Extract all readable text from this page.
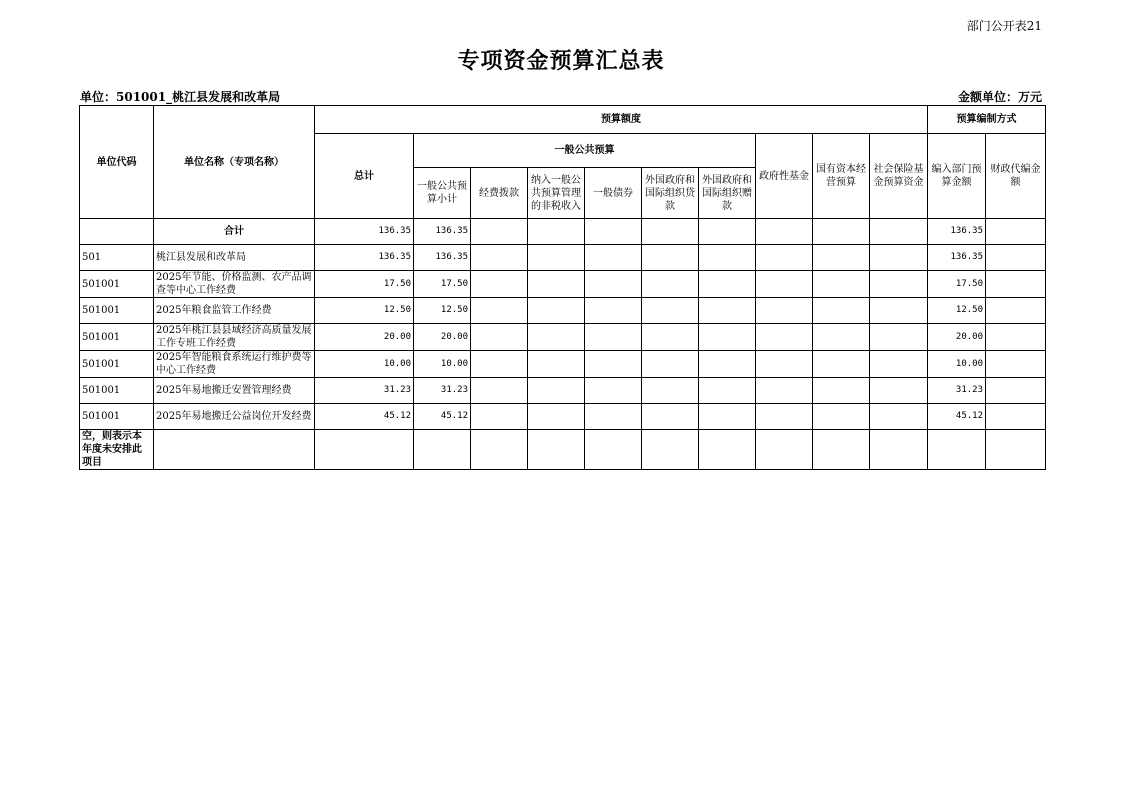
部门公开表21
专项资金预算汇总表
单位：501001_桃江县发展和改革局	金额单位：万元
单位代码	单位名称（专项名称）	预算额度										预算编制方式	
		总计	一般公共预算						政府性基金	国有资本经营预算	社会保险基金预算资金	编入部门预算金额	财政代编金额
			一般公共预算小计	经费拨款	纳入一般公共预算管理的非税收入	一般债券	外国政府和国际组织贷款	外国政府和国际组织赠款					
	合计	136.35	136.35									136.35	
501	桃江县发展和改革局	136.35	136.35									136.35	
501001	2025年节能、价格监测、农产品调查等中心工作经费	17.50	17.50									17.50	
501001	2025年粮食监管工作经费	12.50	12.50									12.50	
501001	2025年桃江县县域经济高质量发展工作专班工作经费	20.00	20.00									20.00	
501001	2025年智能粮食系统运行维护费等中心工作经费	10.00	10.00									10.00	
501001	2025年易地搬迁安置管理经费	31.23	31.23									31.23	
501001	2025年易地搬迁公益岗位开发经费	45.12	45.12									45.12	
空，则表示本年度未安排此项目													
